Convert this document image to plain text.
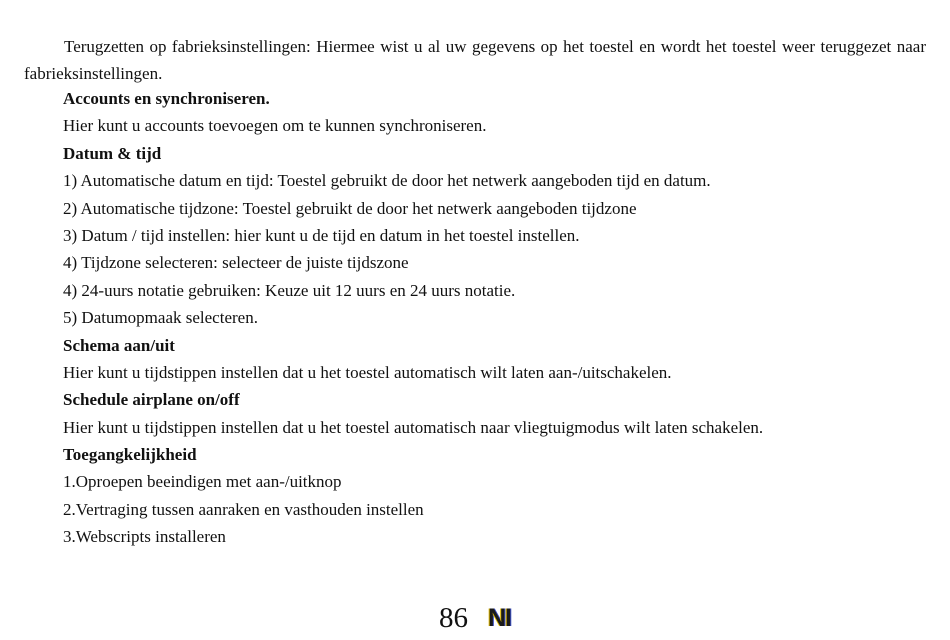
Terugzetten op fabrieksinstellingen: Hiermee wist u al uw gegevens op het toestel en wordt het toestel weer teruggezet naar fabrieksinstellingen.

Accounts en synchroniseren.
Hier kunt u accounts toevoegen om te kunnen synchroniseren.
Datum & tijd
1) Automatische datum en tijd: Toestel gebruikt de door het netwerk aangeboden tijd en datum.
2) Automatische tijdzone: Toestel gebruikt de door het netwerk aangeboden tijdzone
3) Datum / tijd instellen: hier kunt u de tijd en datum in het toestel instellen.
4) Tijdzone selecteren: selecteer de juiste tijdszone
4) 24-uurs notatie gebruiken: Keuze uit 12 uurs en 24 uurs notatie.
5) Datumopmaak selecteren.
Schema aan/uit
Hier kunt u tijdstippen instellen dat u het toestel automatisch wilt laten aan-/uitschakelen.
Schedule airplane on/off
Hier kunt u tijdstippen instellen dat u het toestel automatisch naar vliegtuigmodus wilt laten schakelen.
Toegangkelijkheid
1.Oproepen beeindigen met aan-/uitknop
2.Vertraging tussen aanraken en vasthouden instellen
3.Webscripts installeren
86 NI
